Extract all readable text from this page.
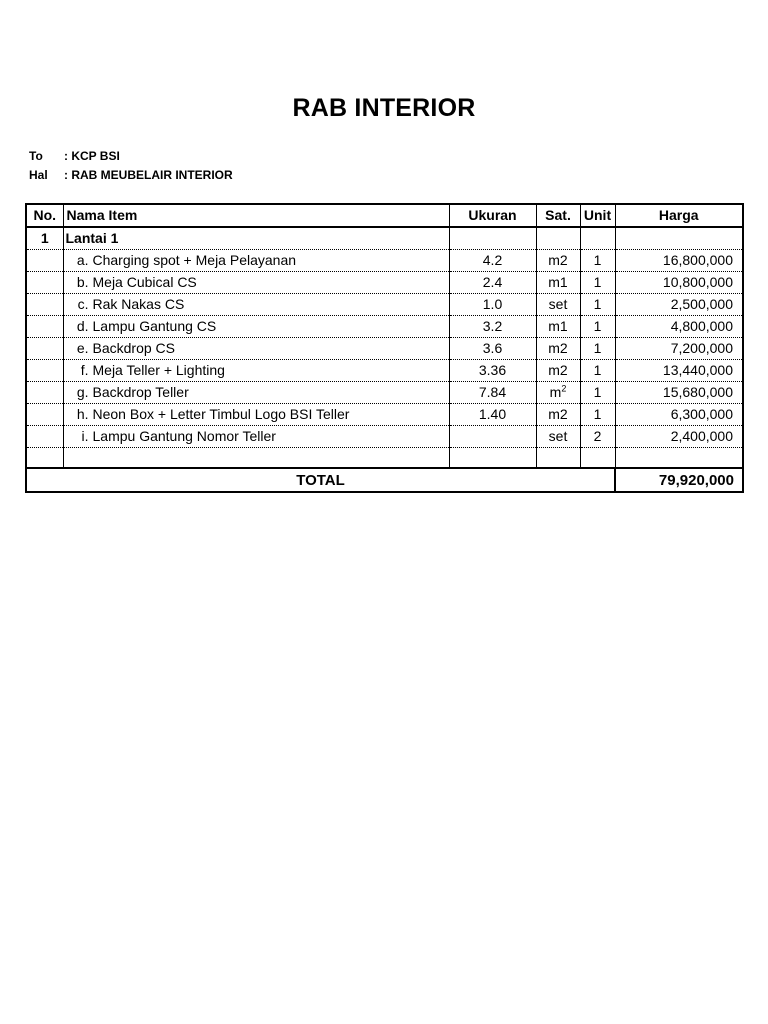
RAB INTERIOR
To : KCP BSI
Hal : RAB MEUBELAIR INTERIOR
No.	Nama Item	Ukuran	Sat.	Unit	Harga
1	Lantai 1				
	a. Charging spot + Meja Pelayanan	4.2	m2	1	16,800,000
	b. Meja Cubical CS	2.4	m1	1	10,800,000
	c. Rak Nakas CS	1.0	set	1	2,500,000
	d. Lampu Gantung CS	3.2	m1	1	4,800,000
	e. Backdrop CS	3.6	m2	1	7,200,000
	f. Meja Teller + Lighting	3.36	m2	1	13,440,000
	g. Backdrop Teller	7.84	$m^2$	1	15,680,000
	h. Neon Box + Letter Timbul Logo BSI Teller	1.40	m2	1	6,300,000
	i. Lampu Gantung Nomor Teller		set	2	2,400,000

TOTAL					79,920,000
